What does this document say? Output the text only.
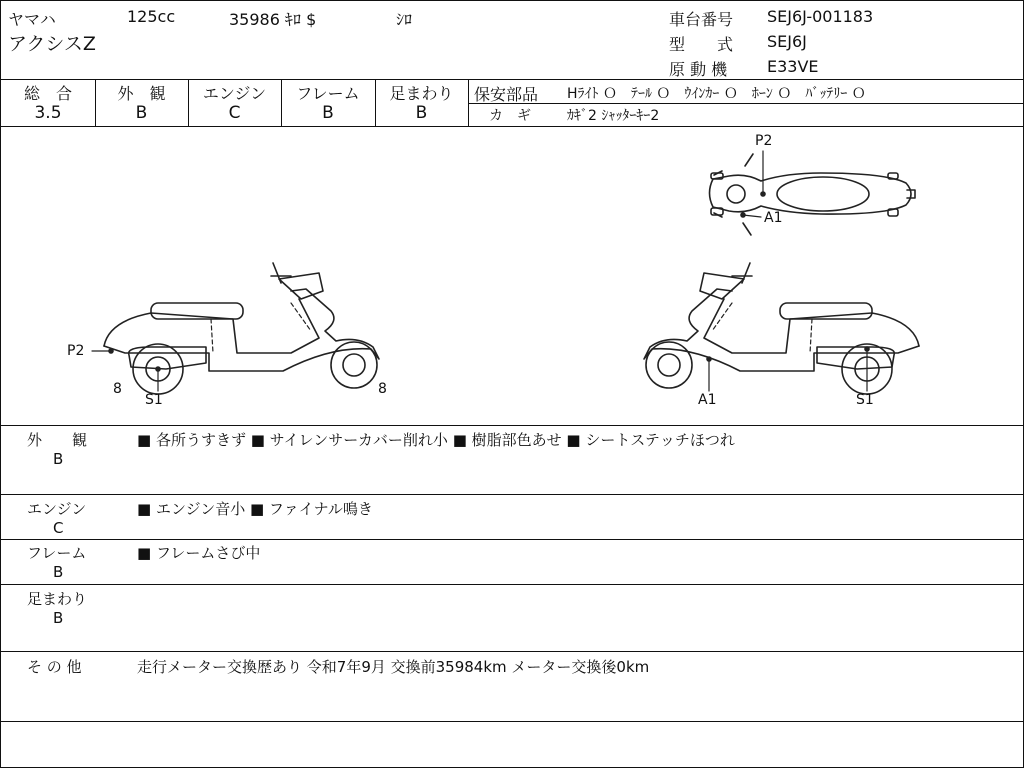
ヤマハ	125cc	35986 ｷﾛ $	ｼﾛ
アクシスZ
車台番号 SEJ6J-001183
型　　式 SEJ6J
原 動 機 E33VE
総　合
3.5
外　観
B
エンジン
C
フレーム
B
足まわり
B
保安部品 Hﾗｲﾄ Ｏ　ﾃｰﾙ Ｏ　ｳｲﾝｶｰ Ｏ　ﾎｰﾝ Ｏ　ﾊﾞｯﾃﾘｰ Ｏ
カ　ギ	ｶｷﾞ2 ｼｬｯﾀｰｷｰ2
P2
A1
P2
8
S1
8
A1	S1
外　　観
B
■ 各所うすきず ■ サイレンサーカバー削れ小 ■ 樹脂部色あせ ■ シートステッチほつれ
エンジン
C
■ エンジン音小 ■ ファイナル鳴き
フレーム
B
■ フレームさび中
足まわり
B
そ の 他	走行メーター交換歴あり 令和7年9月 交換前35984km メーター交換後0km
